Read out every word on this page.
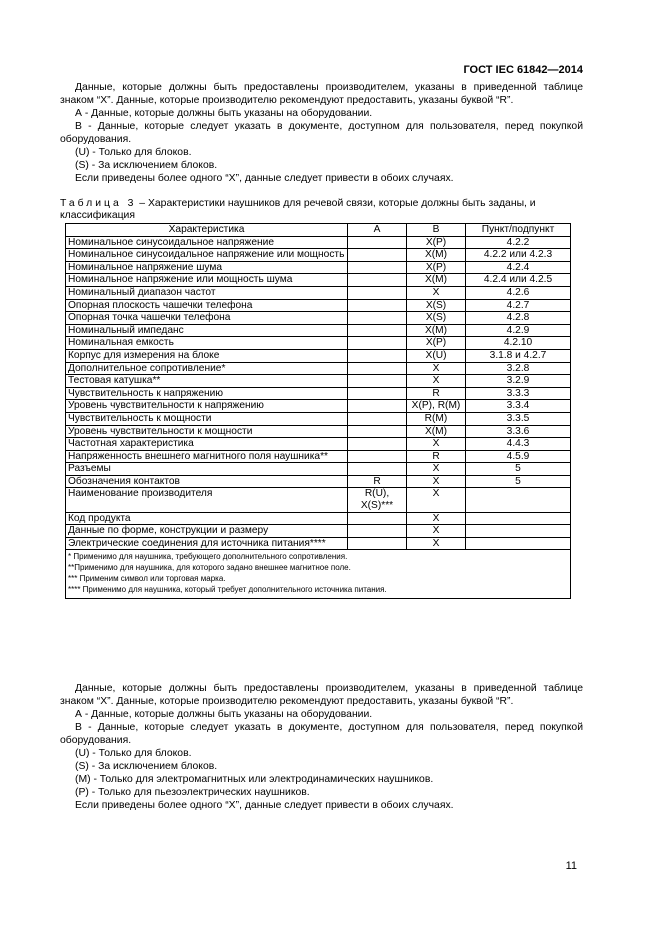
ГОСТ IEC 61842—2014

Данные, которые должны быть предоставлены производителем, указаны в приведенной таблице знаком “X”. Данные, которые производителю рекомендуют предоставить, указаны буквой “R”.

А - Данные, которые должны быть указаны на оборудовании.

В - Данные, которые следует указать в документе, доступном для пользователя, перед покупкой оборудования.

(U) - Только для блоков.

(S) - За исключением блоков.

Если приведены более одного “X”, данные следует привести в обоих случаях.

Таблица 3 – Характеристики наушников для речевой связи, которые должны быть заданы, и классификация
Характеристика	А	В	Пункт/подпункт
Номинальное синусоидальное напряжение		X(P)	4.2.2
Номинальное синусоидальное напряжение или мощность		X(M)	4.2.2 или 4.2.3
Номинальное напряжение шума		X(P)	4.2.4
Номинальное напряжение или мощность шума		X(M)	4.2.4 или 4.2.5
Номинальный диапазон частот		X	4.2.6
Опорная плоскость чашечки телефона		X(S)	4.2.7
Опорная точка чашечки телефона		X(S)	4.2.8
Номинальный импеданс		X(M)	4.2.9
Номинальная емкость		X(P)	4.2.10
Корпус для измерения на блоке		X(U)	3.1.8 и 4.2.7
Дополнительное сопротивление*		X	3.2.8
Тестовая катушка**		X	3.2.9
Чувствительность к напряжению		R	3.3.3
Уровень чувствительности к напряжению		X(P), R(M)	3.3.4
Чувствительность к мощности		R(M)	3.3.5
Уровень чувствительности к мощности		X(M)	3.3.6
Частотная характеристика		X	4.4.3
Напряженность внешнего магнитного поля наушника**		R	4.5.9
Разъемы		X	5
Обозначения контактов	R	X	5
Наименование производителя	R(U), X(S)***	X	
Код продукта		X	
Данные по форме, конструкции и размеру		X	
Электрические соединения для источника питания****		X	

* Применимо для наушника, требующего дополнительного сопротивления.
**Применимо для наушника, для которого задано внешнее магнитное поле.
*** Применим символ или торговая марка.
**** Применимо для наушника, который требует дополнительного источника питания.			

Данные, которые должны быть предоставлены производителем, указаны в приведенной таблице знаком “X”. Данные, которые производителю рекомендуют предоставить, указаны буквой “R”.

А - Данные, которые должны быть указаны на оборудовании.

В - Данные, которые следует указать в документе, доступном для пользователя, перед покупкой оборудования.

(U) - Только для блоков.

(S) - За исключением блоков.

(M) - Только для электромагнитных или электродинамических наушников.

(P) - Только для пьезоэлектрических наушников.

Если приведены более одного “X”, данные следует привести в обоих случаях.

11
